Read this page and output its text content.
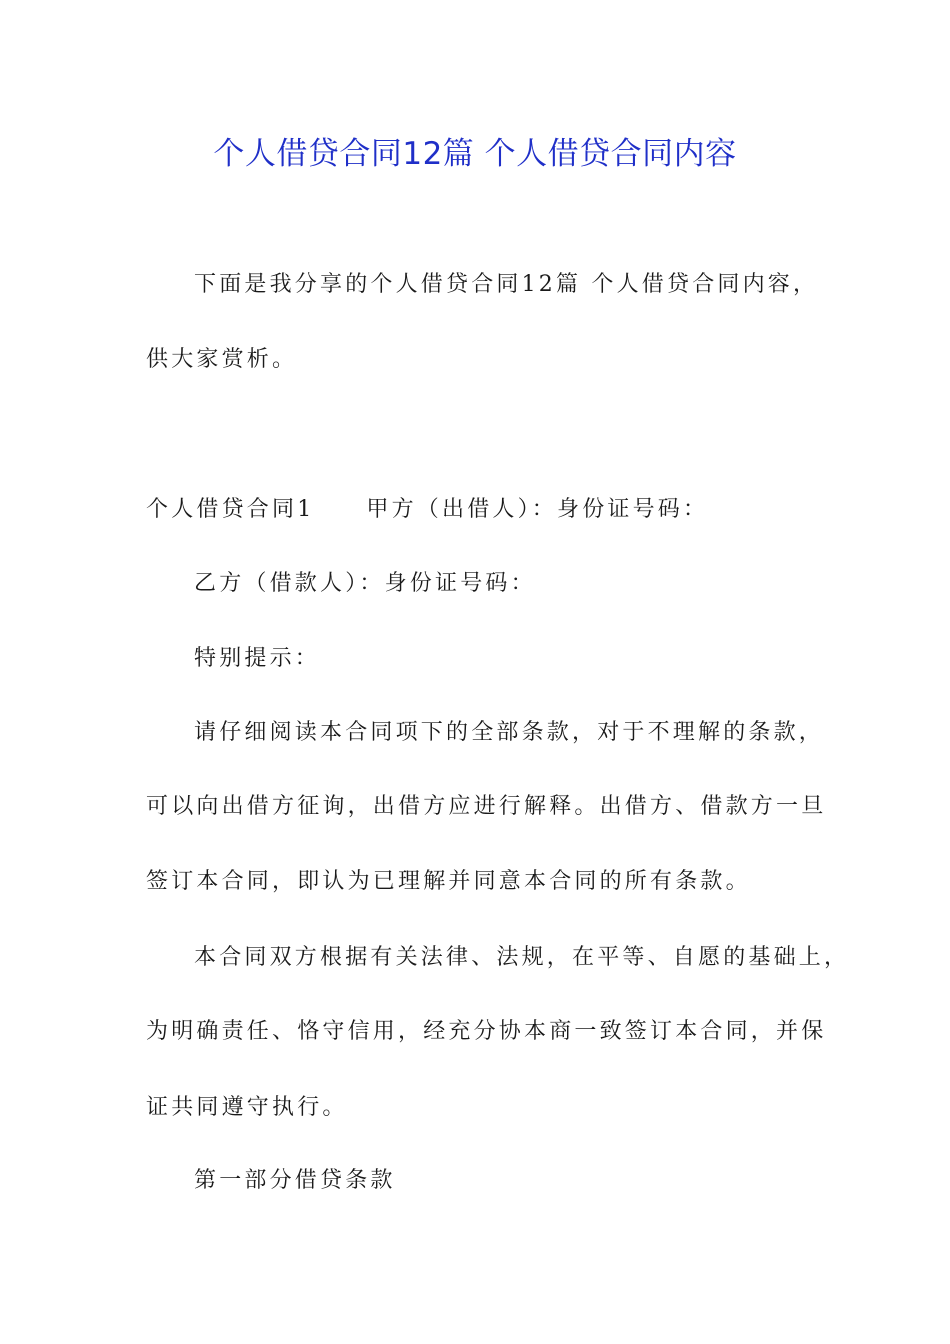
个人借贷合同12篇 个人借贷合同内容
下面是我分享的个人借贷合同12篇 个人借贷合同内容，
供大家赏析。
个人借贷合同1 甲方（出借人）：身份证号码：
乙方（借款人）：身份证号码：
特别提示：
请仔细阅读本合同项下的全部条款，对于不理解的条款，
可以向出借方征询，出借方应进行解释。出借方、借款方一旦
签订本合同，即认为已理解并同意本合同的所有条款。
本合同双方根据有关法律、法规，在平等、自愿的基础上，
为明确责任、恪守信用，经充分协本商一致签订本合同，并保
证共同遵守执行。
第一部分借贷条款
